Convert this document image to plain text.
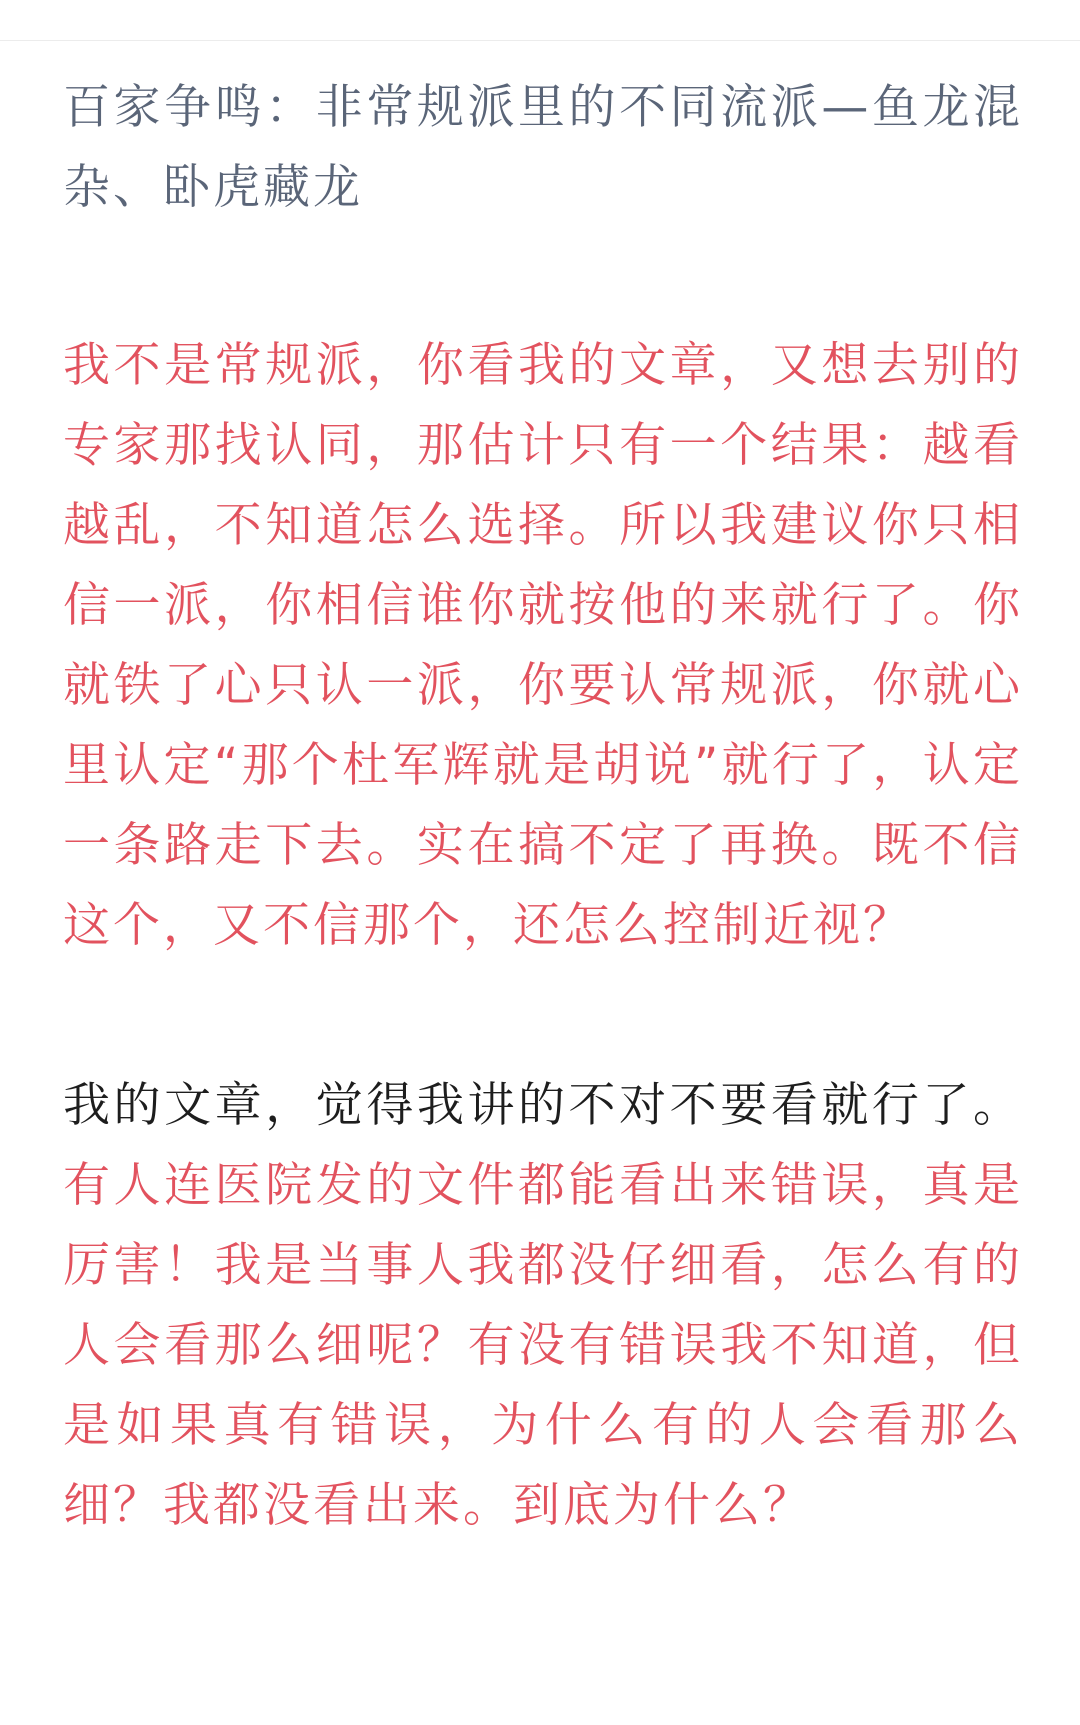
百家争鸣：非常规派里的不同流派—鱼龙混杂、卧虎藏龙

我不是常规派，你看我的文章，又想去别的专家那找认同，那估计只有一个结果：越看越乱，不知道怎么选择。所以我建议你只相信一派，你相信谁你就按他的来就行了。你就铁了心只认一派，你要认常规派，你就心里认定“那个杜军辉就是胡说”就行了，认定一条路走下去。实在搞不定了再换。既不信这个，又不信那个，还怎么控制近视？

我的文章，觉得我讲的不对不要看就行了。有人连医院发的文件都能看出来错误，真是厉害！我是当事人我都没仔细看，怎么有的人会看那么细呢？有没有错误我不知道，但是如果真有错误，为什么有的人会看那么细？我都没看出来。到底为什么？
